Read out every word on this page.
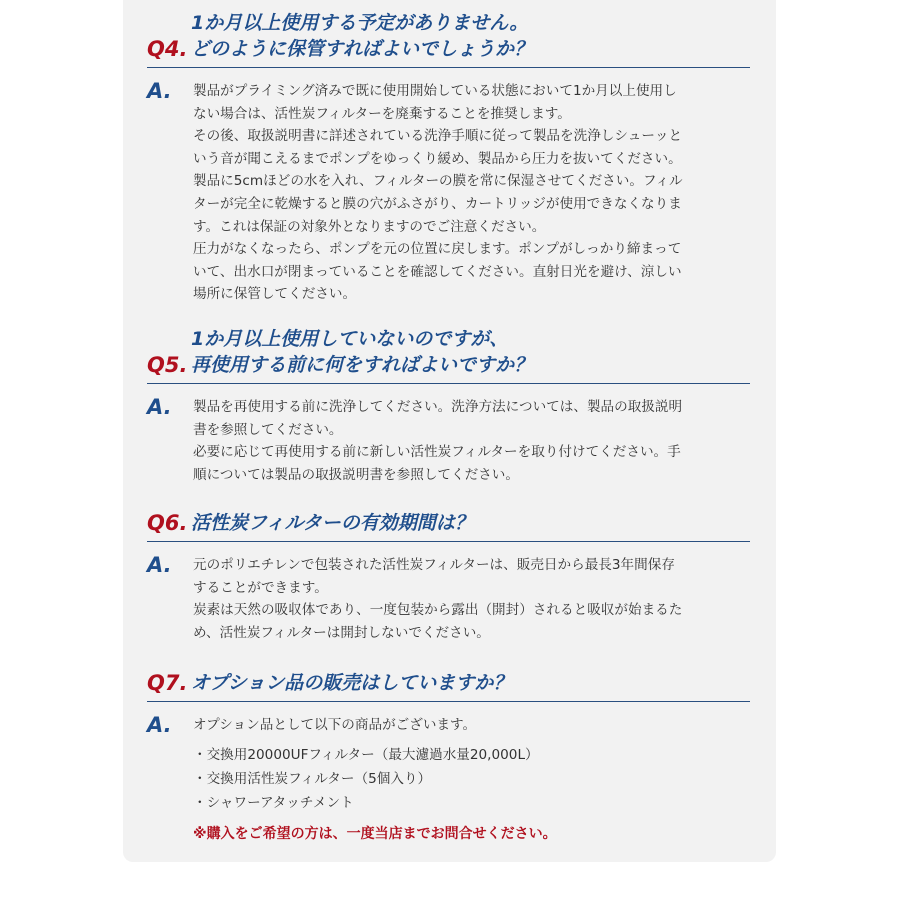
Q4.
1か月以上使用する予定がありません。
どのように保管すればよいでしょうか？
A. 製品がプライミング済みで既に使用開始している状態において1か月以上使用し

ない場合は、活性炭フィルターを廃棄することを推奨します。

その後、取扱説明書に詳述されている洗浄手順に従って製品を洗浄しシューッと

いう音が聞こえるまでポンプをゆっくり緩め、製品から圧力を抜いてください。

製品に5cmほどの水を入れ、フィルターの膜を常に保湿させてください。フィル

ターが完全に乾燥すると膜の穴がふさがり、カートリッジが使用できなくなりま

す。これは保証の対象外となりますのでご注意ください。

圧力がなくなったら、ポンプを元の位置に戻します。ポンプがしっかり締まって

いて、出水口が閉まっていることを確認してください。直射日光を避け、涼しい

場所に保管してください。

Q5.
1か月以上使用していないのですが、
再使用する前に何をすればよいですか？
A. 製品を再使用する前に洗浄してください。洗浄方法については、製品の取扱説明

書を参照してください。

必要に応じて再使用する前に新しい活性炭フィルターを取り付けてください。手

順については製品の取扱説明書を参照してください。

Q6. 活性炭フィルターの有効期間は？
A. 元のポリエチレンで包装された活性炭フィルターは、販売日から最長3年間保存

することができます。

炭素は天然の吸収体であり、一度包装から露出（開封）されると吸収が始まるた

め、活性炭フィルターは開封しないでください。

Q7. オプション品の販売はしていますか？
A. オプション品として以下の商品がございます。

・交換用20000UFフィルター（最大濾過水量20,000L）

・交換用活性炭フィルター（5個入り）

・シャワーアタッチメント

※購入をご希望の方は、一度当店までお問合せください。
